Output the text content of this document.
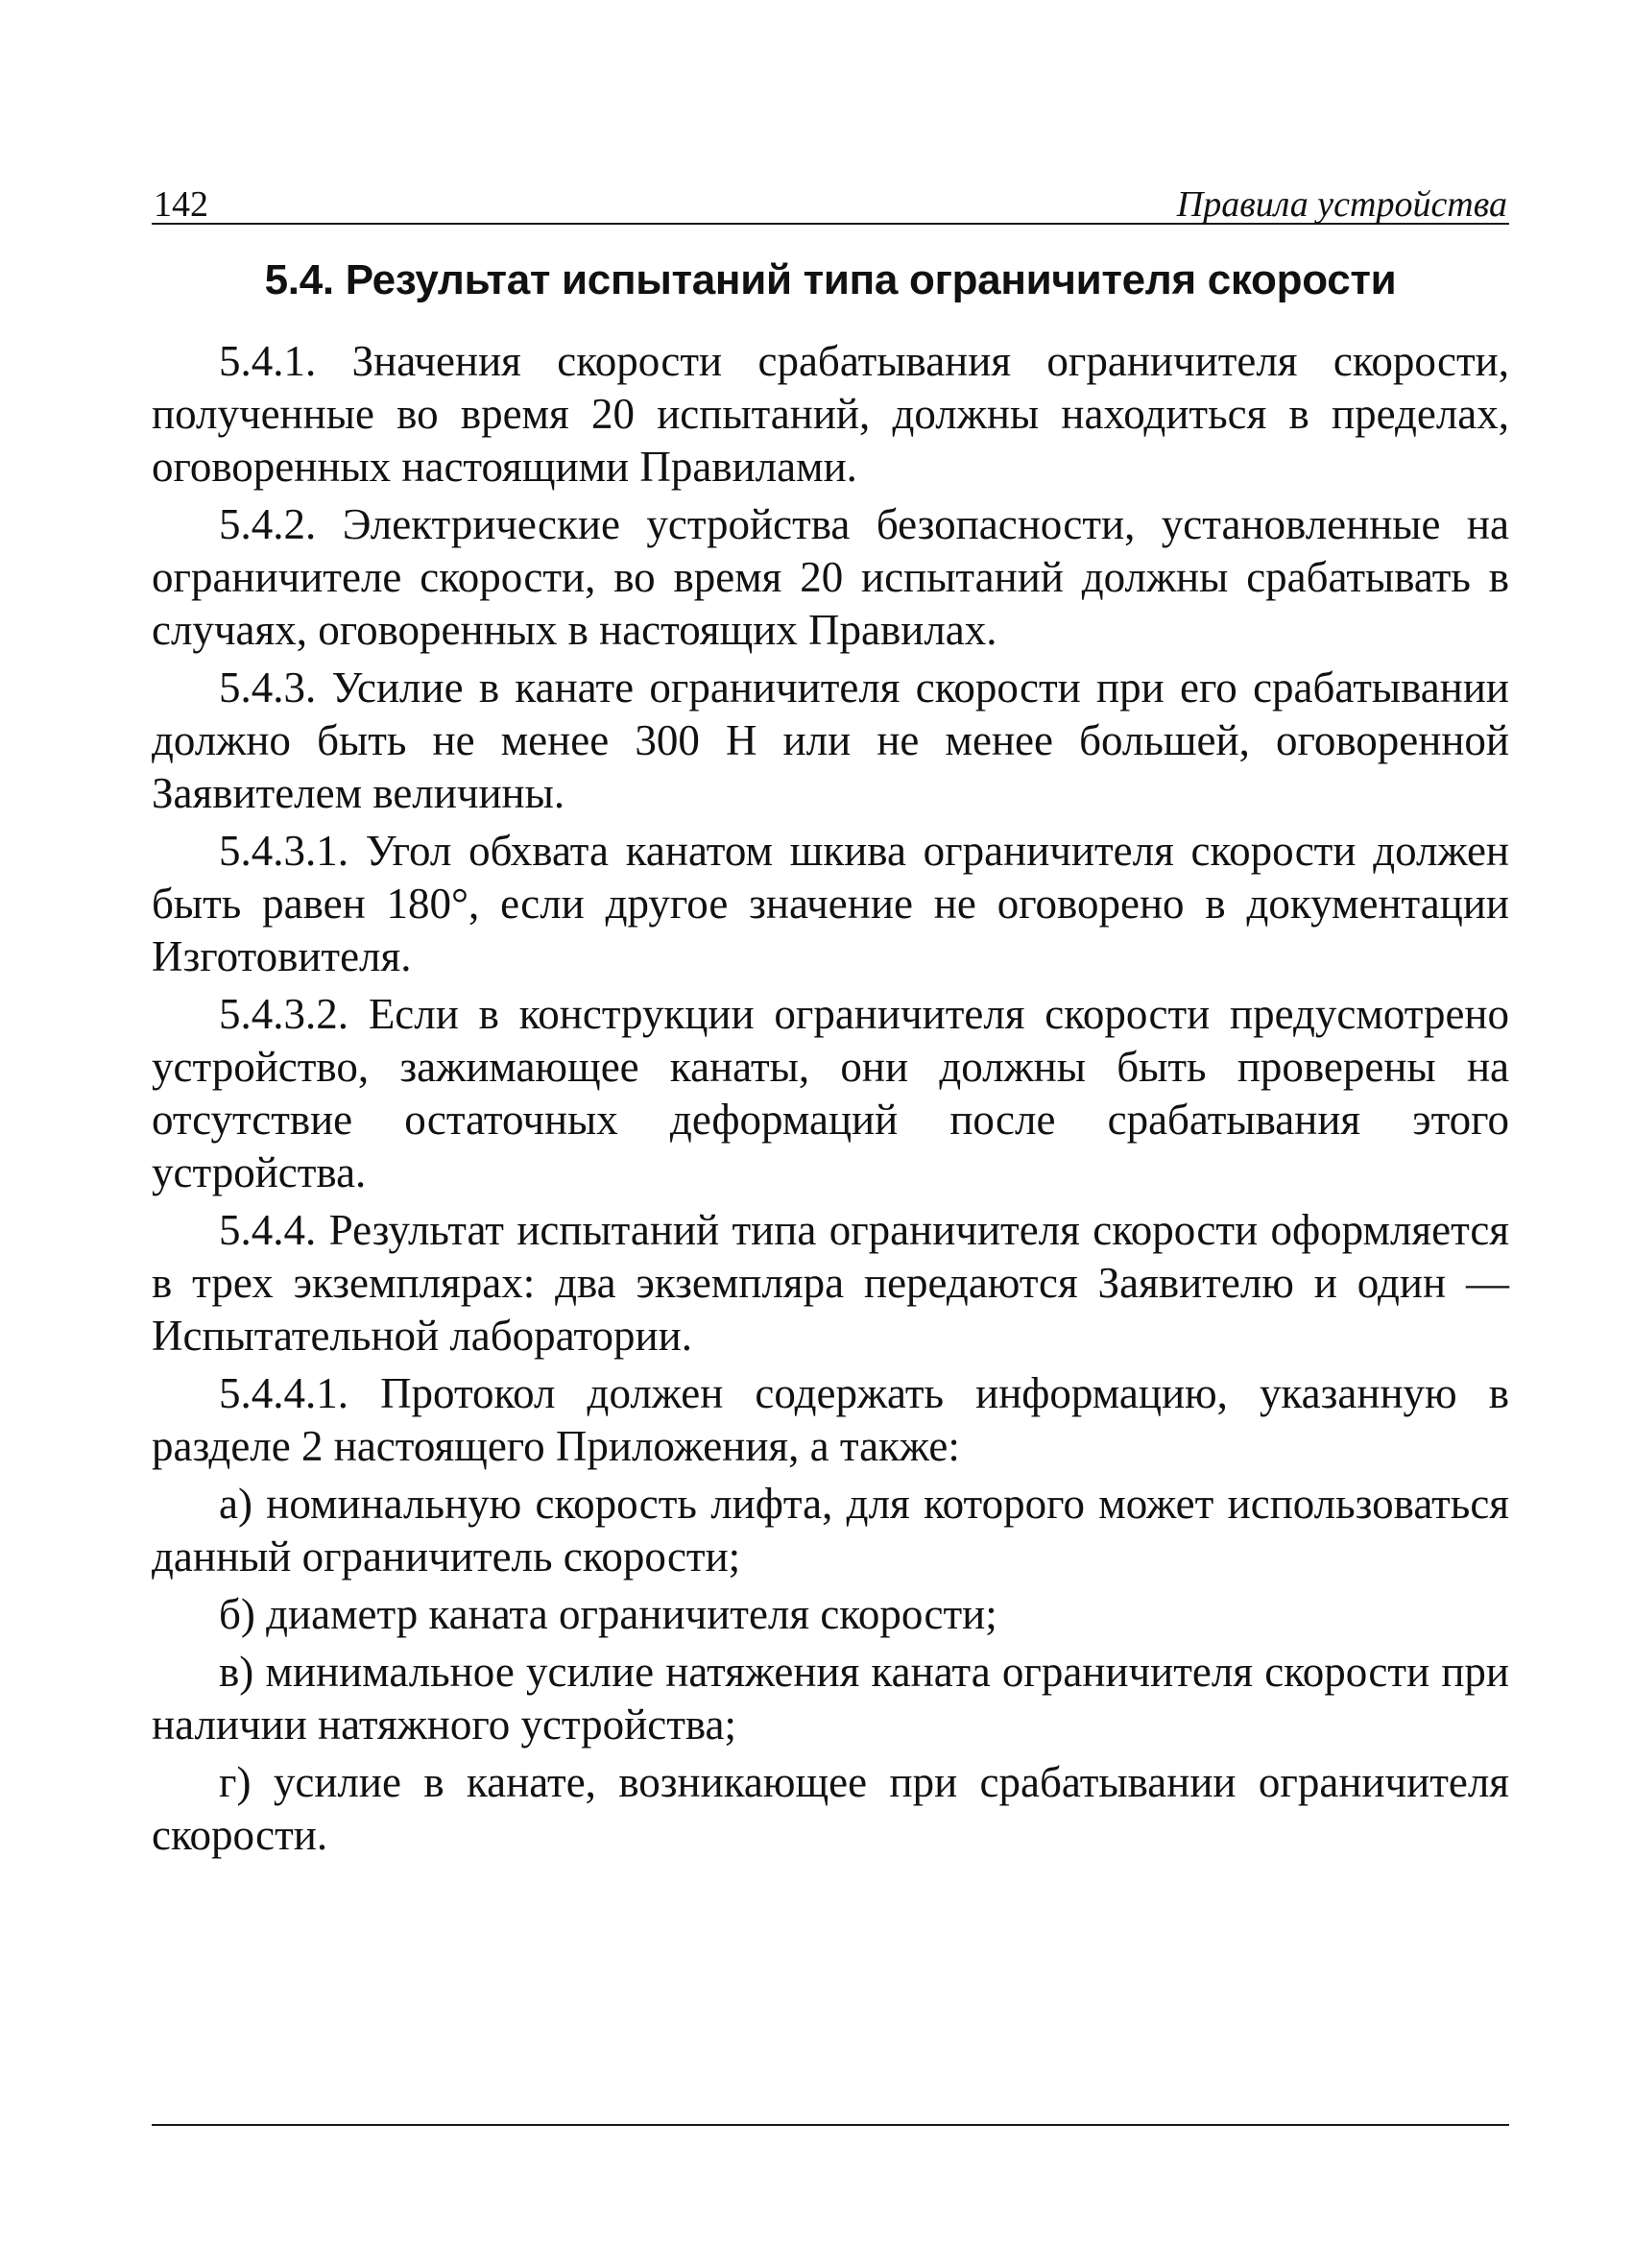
142	Правила устройства
5.4. Результат испытаний типа ограничителя скорости

5.4.1. Значения скорости срабатывания ограничителя скорости, полученные во время 20 испытаний, должны находиться в пределах, оговоренных настоящими Правилами.

5.4.2. Электрические устройства безопасности, установленные на ограничителе скорости, во время 20 испытаний должны срабатывать в случаях, оговоренных в настоящих Правилах.

5.4.3. Усилие в канате ограничителя скорости при его срабатывании должно быть не менее 300 Н или не менее большей, оговоренной Заявителем величины.

5.4.3.1. Угол обхвата канатом шкива ограничителя скорости должен быть равен 180°, если другое значение не оговорено в документации Изготовителя.

5.4.3.2. Если в конструкции ограничителя скорости предусмотрено устройство, зажимающее канаты, они должны быть проверены на отсутствие остаточных деформаций после срабатывания этого устройства.

5.4.4. Результат испытаний типа ограничителя скорости оформляется в трех экземплярах: два экземпляра передаются Заявителю и один — Испытательной лаборатории.

5.4.4.1. Протокол должен содержать информацию, указанную в разделе 2 настоящего Приложения, а также:

а) номинальную скорость лифта, для которого может использоваться данный ограничитель скорости;

б) диаметр каната ограничителя скорости;

в) минимальное усилие натяжения каната ограничителя скорости при наличии натяжного устройства;

г) усилие в канате, возникающее при срабатывании ограничителя скорости.
